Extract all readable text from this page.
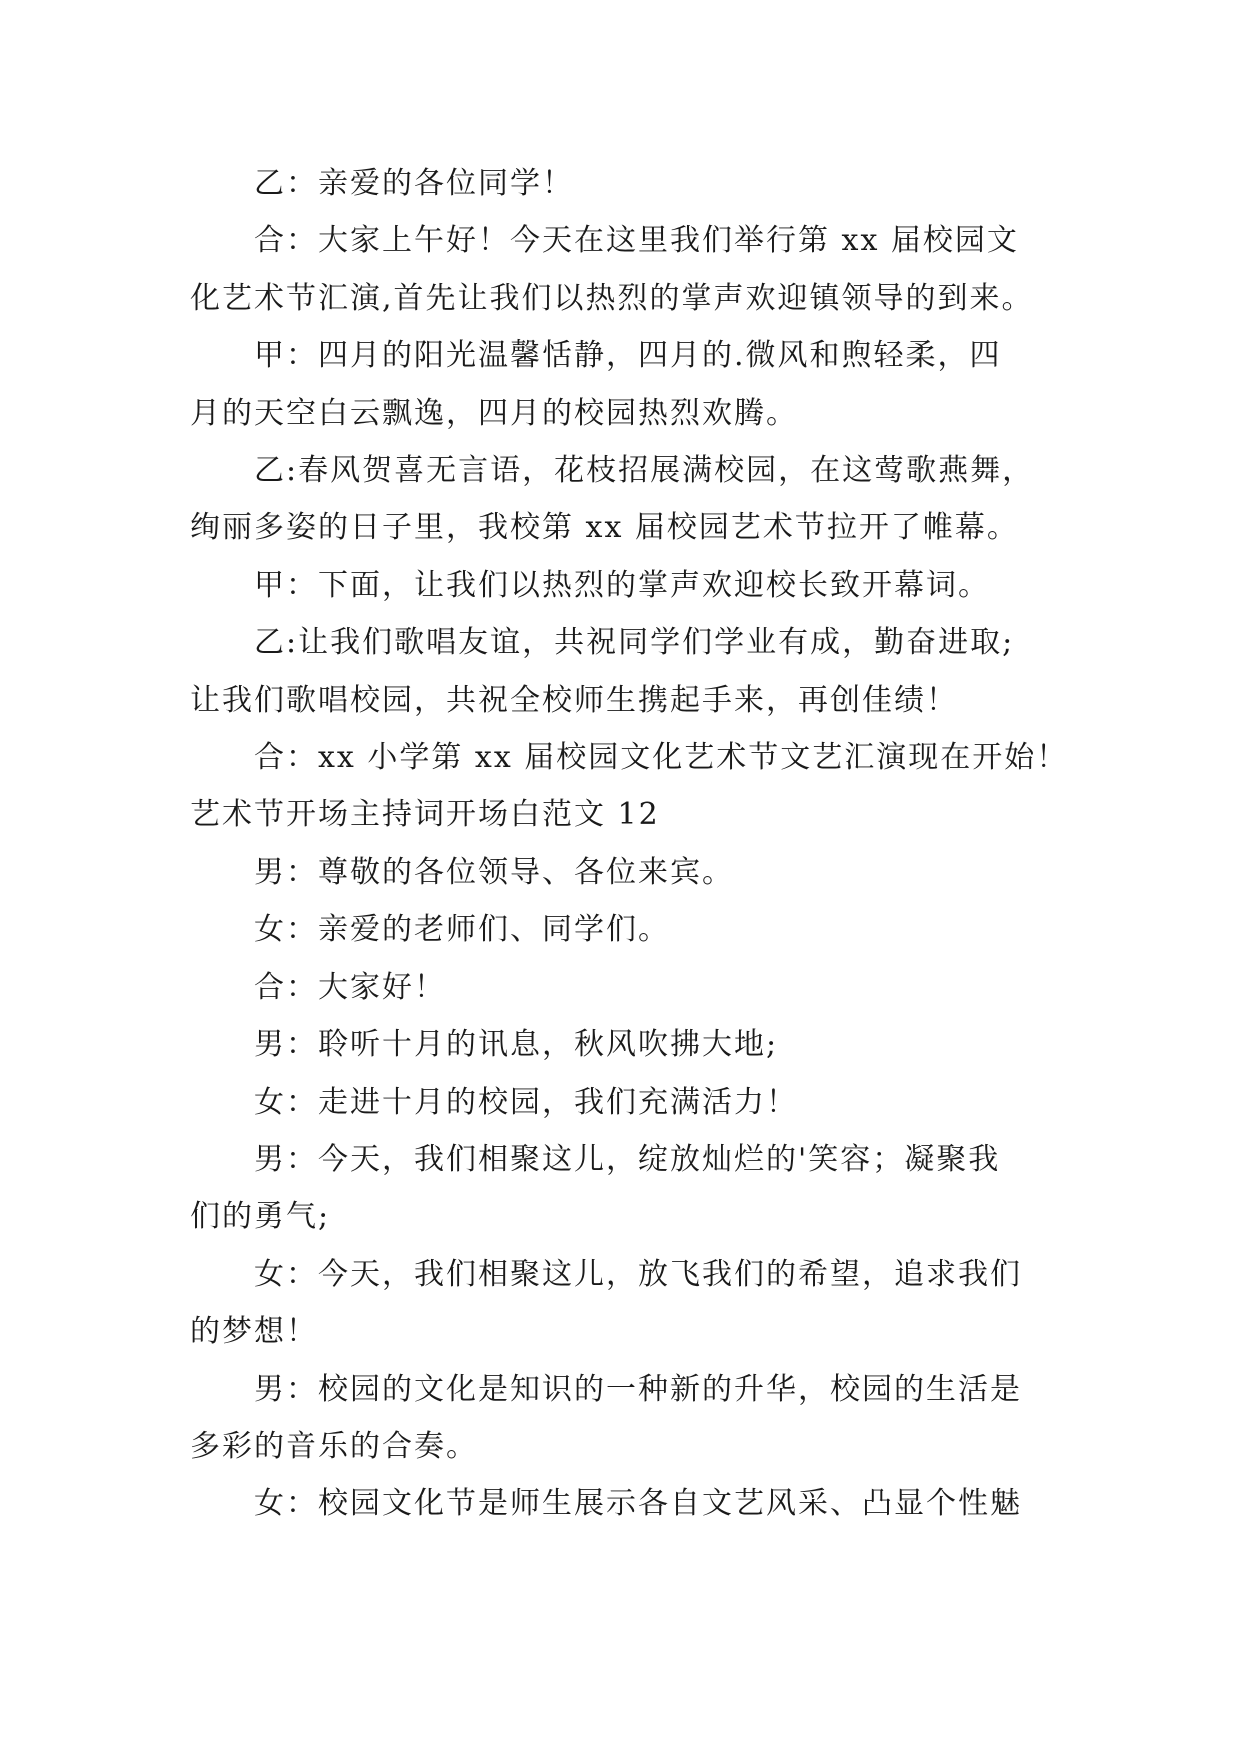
乙：亲爱的各位同学！

合：大家上午好！今天在这里我们举行第 xx 届校园文
化艺术节汇演,首先让我们以热烈的掌声欢迎镇领导的到来。

甲：四月的阳光温馨恬静，四月的.微风和煦轻柔，四
月的天空白云飘逸，四月的校园热烈欢腾。

乙:春风贺喜无言语，花枝招展满校园，在这莺歌燕舞，
绚丽多姿的日子里，我校第 xx 届校园艺术节拉开了帷幕。

甲：下面，让我们以热烈的掌声欢迎校长致开幕词。

乙:让我们歌唱友谊，共祝同学们学业有成，勤奋进取;
让我们歌唱校园，共祝全校师生携起手来，再创佳绩！

合：xx 小学第 xx 届校园文化艺术节文艺汇演现在开始！

艺术节开场主持词开场白范文 12

男：尊敬的各位领导、各位来宾。

女：亲爱的老师们、同学们。

合：大家好！

男：聆听十月的讯息，秋风吹拂大地;

女：走进十月的校园，我们充满活力！

男：今天，我们相聚这儿，绽放灿烂的'笑容；凝聚我
们的勇气;

女：今天，我们相聚这儿，放飞我们的希望，追求我们
的梦想！

男：校园的文化是知识的一种新的升华，校园的生活是
多彩的音乐的合奏。

女：校园文化节是师生展示各自文艺风采、凸显个性魅
